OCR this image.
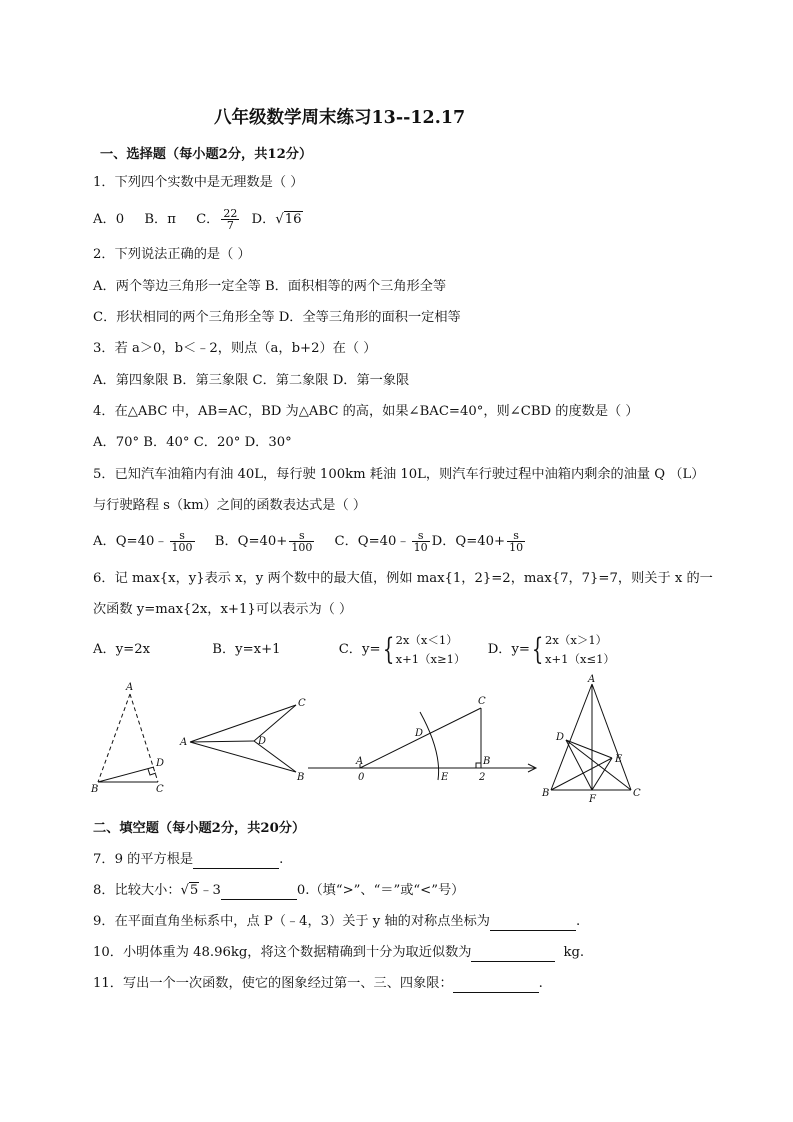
八年级数学周末练习13--12.17
一、选择题（每小题2分，共12分）
1．下列四个实数中是无理数是（ ）
A．0 B．π C． $\frac{22}{7}$ D．√16
2．下列说法正确的是（ ）
A．两个等边三角形一定全等 B．面积相等的两个三角形全等
C．形状相同的两个三角形全等 D．全等三角形的面积一定相等
3．若 a＞0，b＜﹣2，则点（a，b+2）在（ ）
A．第四象限 B．第三象限 C．第二象限 D．第一象限
4．在△ABC 中，AB=AC，BD 为△ABC 的高，如果∠BAC=40°，则∠CBD 的度数是（ ）
A．70° B．40° C．20° D．30°
5．已知汽车油箱内有油 40L，每行驶 100km 耗油 10L，则汽车行驶过程中油箱内剩余的油量 Q （L）
与行驶路程 s（km）之间的函数表达式是（ ）
A．Q=40﹣ $\frac{s}{100}$ B．$Q=40+ \frac{s}{100}$ C．Q=40﹣ $\frac{s}{10}$ D．$Q=40+ \frac{s}{10}$
6．记 max{x，y}表示 x，y 两个数中的最大值，例如 max{1，2}=2，max{7，7}=7，则关于 x 的一
次函数 y=max{2x，x+1}可以表示为（ ）
A．y=2x	B．y=x+1	C．y={ 2x（x＜1）
x+1（x≥1）
D．y={ 2x（x＞1）
x+1（x≤1）
A
B	C
D
A
C
D
B
A
0
D
C
E
B
2
A
D
E
B
F
C
二、填空题（每小题2分，共20分）
7．9 的平方根是	.
8．比较大小：√5﹣3	0.（填“>”、“＝”或“<”号）
9．在平面直角坐标系中，点 P（﹣4，3）关于 y 轴的对称点坐标为	.
10．小明体重为 48.96kg，将这个数据精确到十分为取近似数为	kg.
11．写出一个一次函数，使它的图象经过第一、三、四象限：	.
